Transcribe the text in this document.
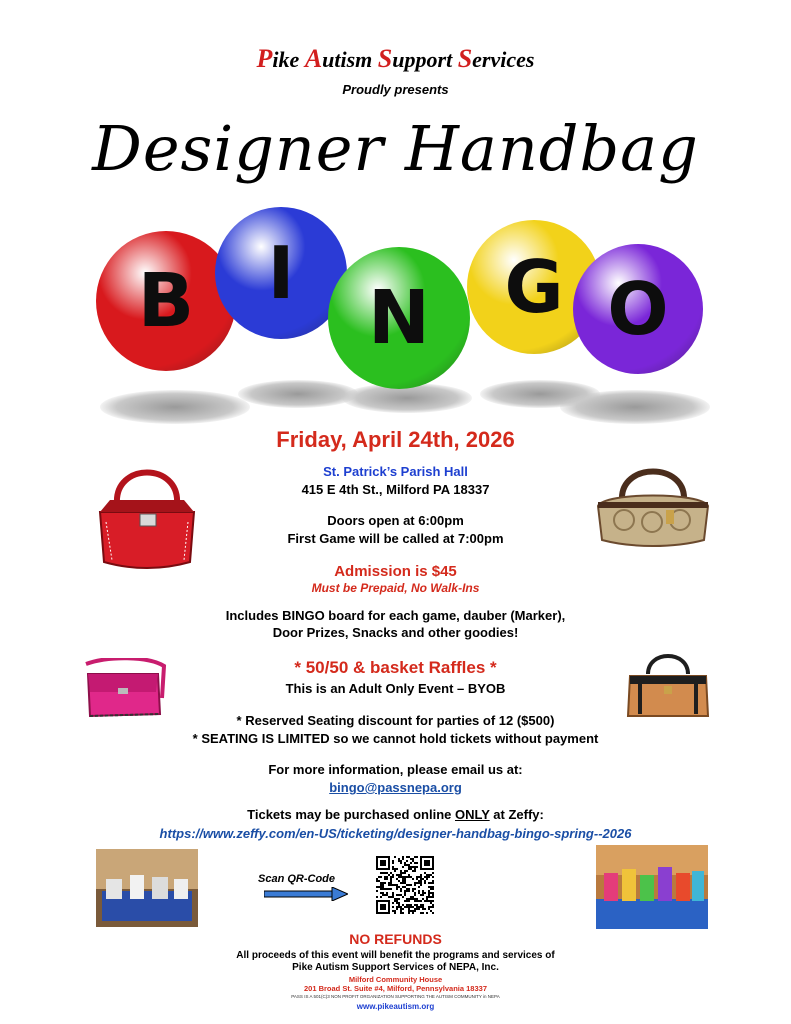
Pike Autism Support Services
Proudly presents
Designer Handbag
B I
N G O
Friday, April 24th, 2026
St. Patrick’s Parish Hall
415 E 4th St., Milford PA 18337
Doors open at 6:00pm
First Game will be called at 7:00pm
Admission is $45
Must be Prepaid, No Walk-Ins
Includes BINGO board for each game, dauber (Marker),
Door Prizes, Snacks and other goodies!
* 50/50 & basket Raffles *
This is an Adult Only Event – BYOB
* Reserved Seating discount for parties of 12 ($500)
* SEATING IS LIMITED so we cannot hold tickets without payment
For more information, please email us at:
bingo@passnepa.org
Tickets may be purchased online ONLY at Zeffy:
https://www.zeffy.com/en-US/ticketing/designer-handbag-bingo-spring--2026
Scan QR-Code
NO REFUNDS
All proceeds of this event will benefit the programs and services of
Pike Autism Support Services of NEPA, Inc.
Milford Community House
201 Broad St. Suite #4, Milford, Pennsylvania 18337
PASS IS A 501(C)3 NON PROFIT ORGANIZATION SUPPORTING THE AUTISM COMMUNITY in NEPA
www.pikeautism.org
